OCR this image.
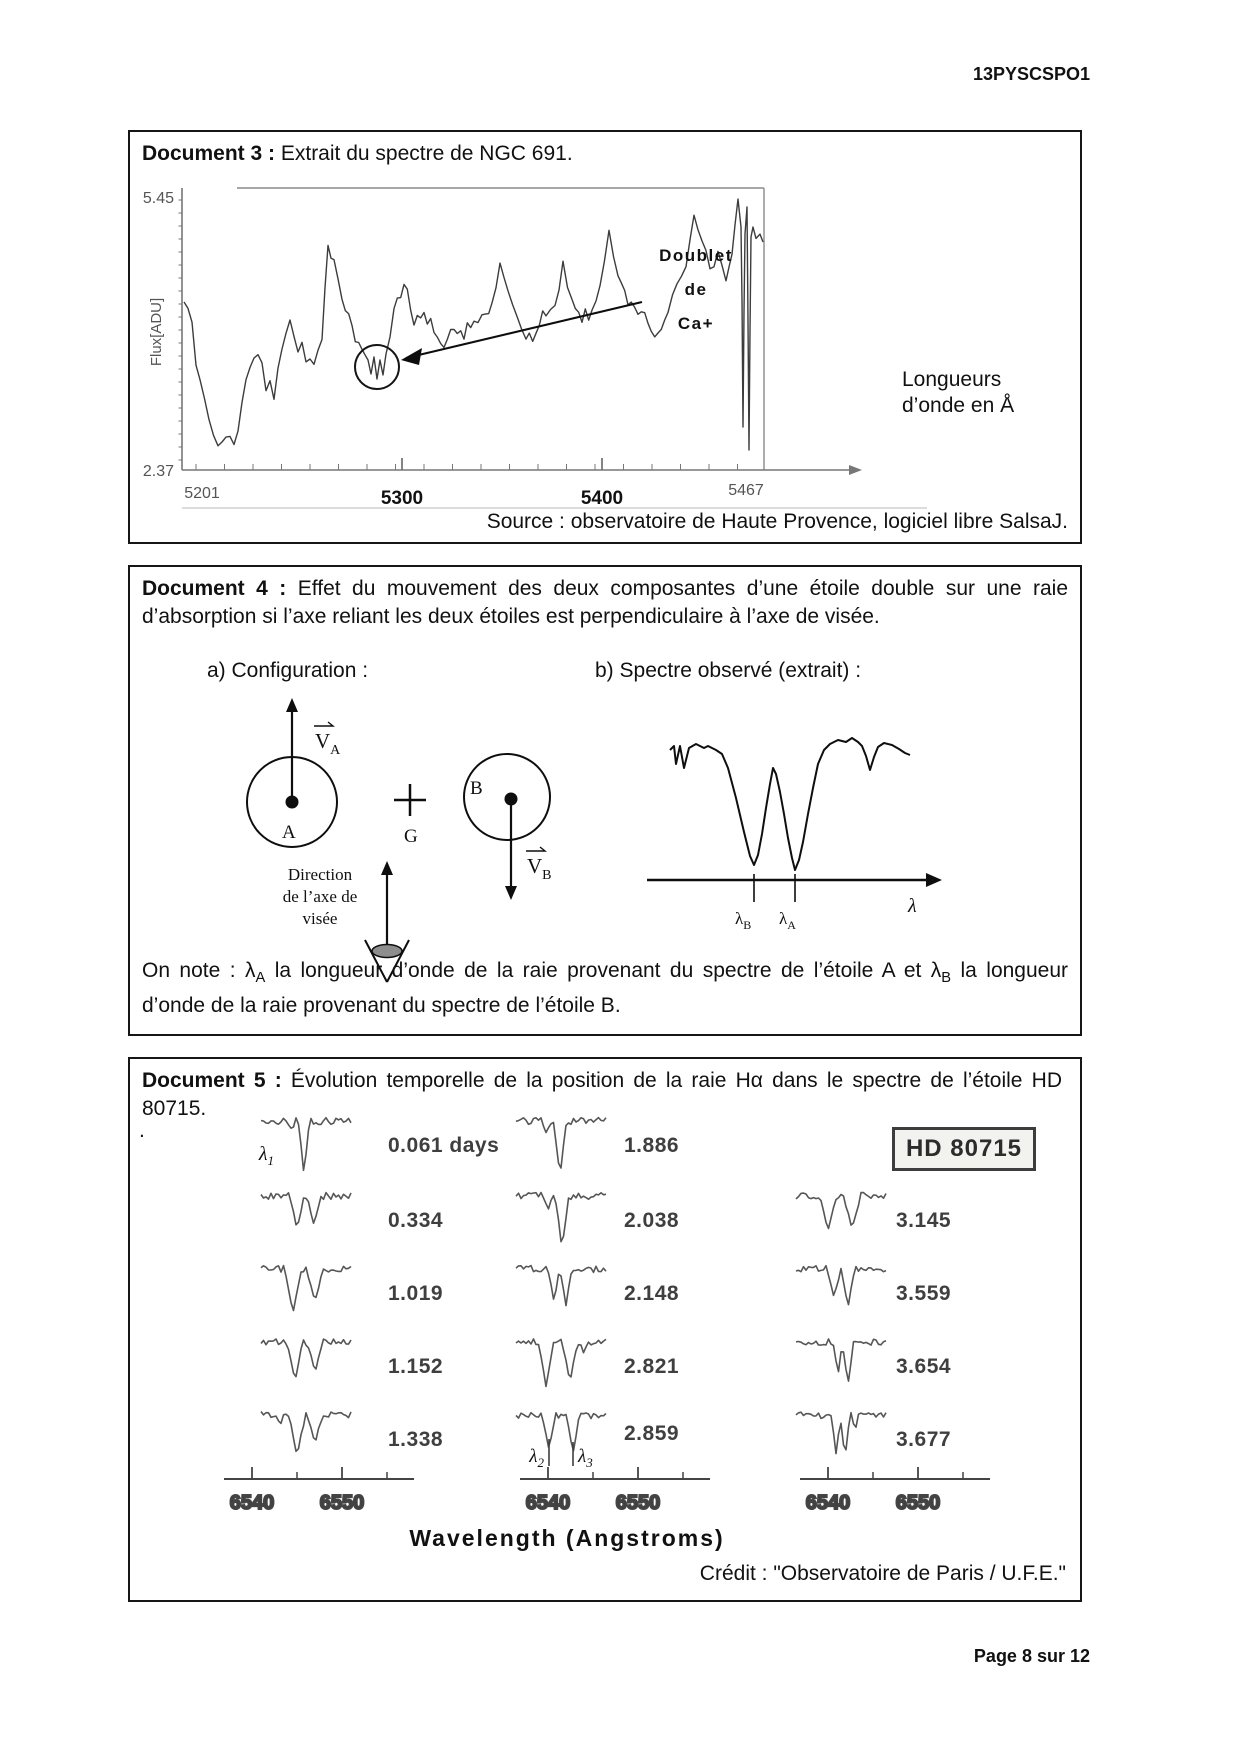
13PYSCSPO1

Document 3 : Extrait du spectre de NGC 691.

5.45
2.37
Flux[ADU]
5201	5300	5400	5467
Doublet
de
Ca+
Longueurs
d’onde en Å

Source : observatoire de Haute Provence, logiciel libre SalsaJ.

Document 4 : Effet du mouvement des deux composantes d’une étoile double sur une raie d’absorption si l’axe reliant les deux étoiles est perpendiculaire à l’axe de visée.

a) Configuration :	b) Spectre observé (extrait) :

A
$V_A$
G
B
$V_B$
Direction
de l’axe de
visée
λ
$\lambda_B$ $\lambda_A$

On note : $\lambda_A$ la longueur d’onde de la raie provenant du spectre de l’étoile A et $\lambda_B$ la longueur d’onde de la raie provenant du spectre de l’étoile B.

Document 5 : Évolution temporelle de la position de la raie Hα dans le spectre de l’étoile HD 80715.

.

HD 80715
0.061 days
0.334
1.019
1.152
1.338
1.886
2.038
2.148
2.821
2.859
3.145
3.559
3.654
3.677
$\lambda_1$
$\lambda_2$ $\lambda_3$
6540 6550	6540 6550	6540 6550
Wavelength (Angstroms)

Crédit : "Observatoire de Paris / U.F.E."

Page 8 sur 12
